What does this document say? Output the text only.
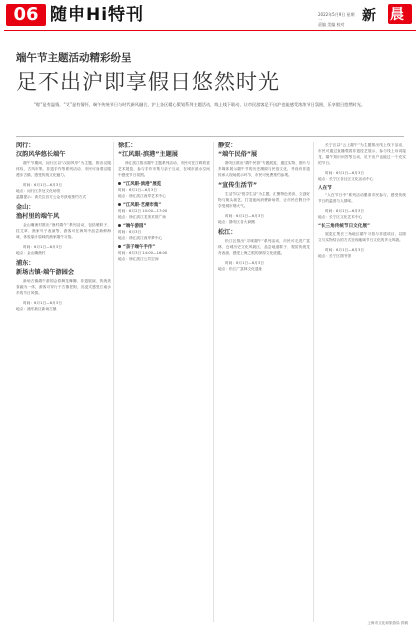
06 随申Hi特刊	2022年5月9日 星期一
责编 美编 校对
新 晨
端午节主题活动精彩纷呈
足不出沪即享假日悠然时光
“粽”是有温情，“艾”是有情怀，端午传统节日与时代新风融合，沪上各区精心策划系列主题活动，线上线下联动，让市民游客足不出沪也能感受浓浓节日氛围，乐享假日悠然时光。
闵行：
汉韵风华悠长端午
端午节期间，闵行区以“汉韵风华”为主题，推出汉服体验、古风市集、非遗手作等系列活动，市民可身着汉服漫步古镇，感受传统文化魅力。
时间：6月1日—6月3日
地点：闵行区多处文化场馆
温馨提示：请关注官方公众号获取预约方式
金山：
渔村里的端午风
金山嘴渔村推出“渔村端午”系列活动，包括裹粽子、挂艾草、渔家号子表演等，游客可在海风中品尝新鲜海味，体验原汁原味的渔家端午习俗。
时间：6月1日—6月3日
地点：金山嘴渔村
浦东：
新场古镇·端午游园会
新场古镇端午游园会将舞龙舞狮、非遗展演、传统美食融为一体，游客可穿行于古镇老街，沉浸式感受江南水乡的节日风情。
时间：6月1日—6月3日
地点：浦东新区新场古镇
徐汇：
“江风眼·滨港”主题展
徐汇滨江推出端午主题系列活动，市民可在江畔欣赏艺术展览，参与手作市集与亲子互动，在城市滨水空间中感受节日氛围。
“江风眼·滨港”展览
时间：6月1日—6月3日
地点：徐汇滨江西岸艺术中心
“江风眼·艺潮市集”
时间：6月2日 10:00—17:00
地点：徐汇滨江龙美术馆广场
“端午游园”
时间：6月3日
地点：徐汇滨江西岸梦中心
“亲子端午手作”
时间：6月3日 14:00—16:00
地点：徐汇滨江公共空间
静安：
“端午民俗”展
静安区推出“端午民俗”专题展览，通过实物、图片与多媒体展示端午节的历史渊源与民俗文化，并设有非遗传承人现场展示环节，市民可免费预约参观。
“宣传生活节”
生活节以“悦享生活”为主题，汇聚特色美食、文创好物与街头演艺，打造夜间消费新场景，让市民在假日中享受城市烟火气。
时间：6月1日—6月3日
地点：静安区各大商圈
松江：
松江区推出“寻味端午”系列活动，市民可走进广富林、仓城历史文化风貌区，品尝地道粽子、观赏传统龙舟表演，感受上海之根的深厚文化底蕴。
时间：6月1日—6月3日
地点：松江广富林文化遗址
长宁区以“云上端午”为主题推出线上线下活动，市民可通过直播观看非遗技艺展示，参与线上诗词接龙、端午知识问答等互动，足不出户也能过一个充实的节日。
时间：6月1日—6月3日
地点：长宁区各社区文化活动中心
人在节
“人在节日中”系列活动邀请市民参与，感受传统节日的温度与人情味。
时间：6月1日—6月3日
地点：长宁区文化艺术中心
“长三角传统节日文化展”
展览汇集长三角地区端午习俗与非遗项目，以图文与实物结合的方式呈现地域节日文化的多元风貌。
时间：6月1日—6月3日
地点：长宁区图书馆
上海市文化和旅游局 供稿
